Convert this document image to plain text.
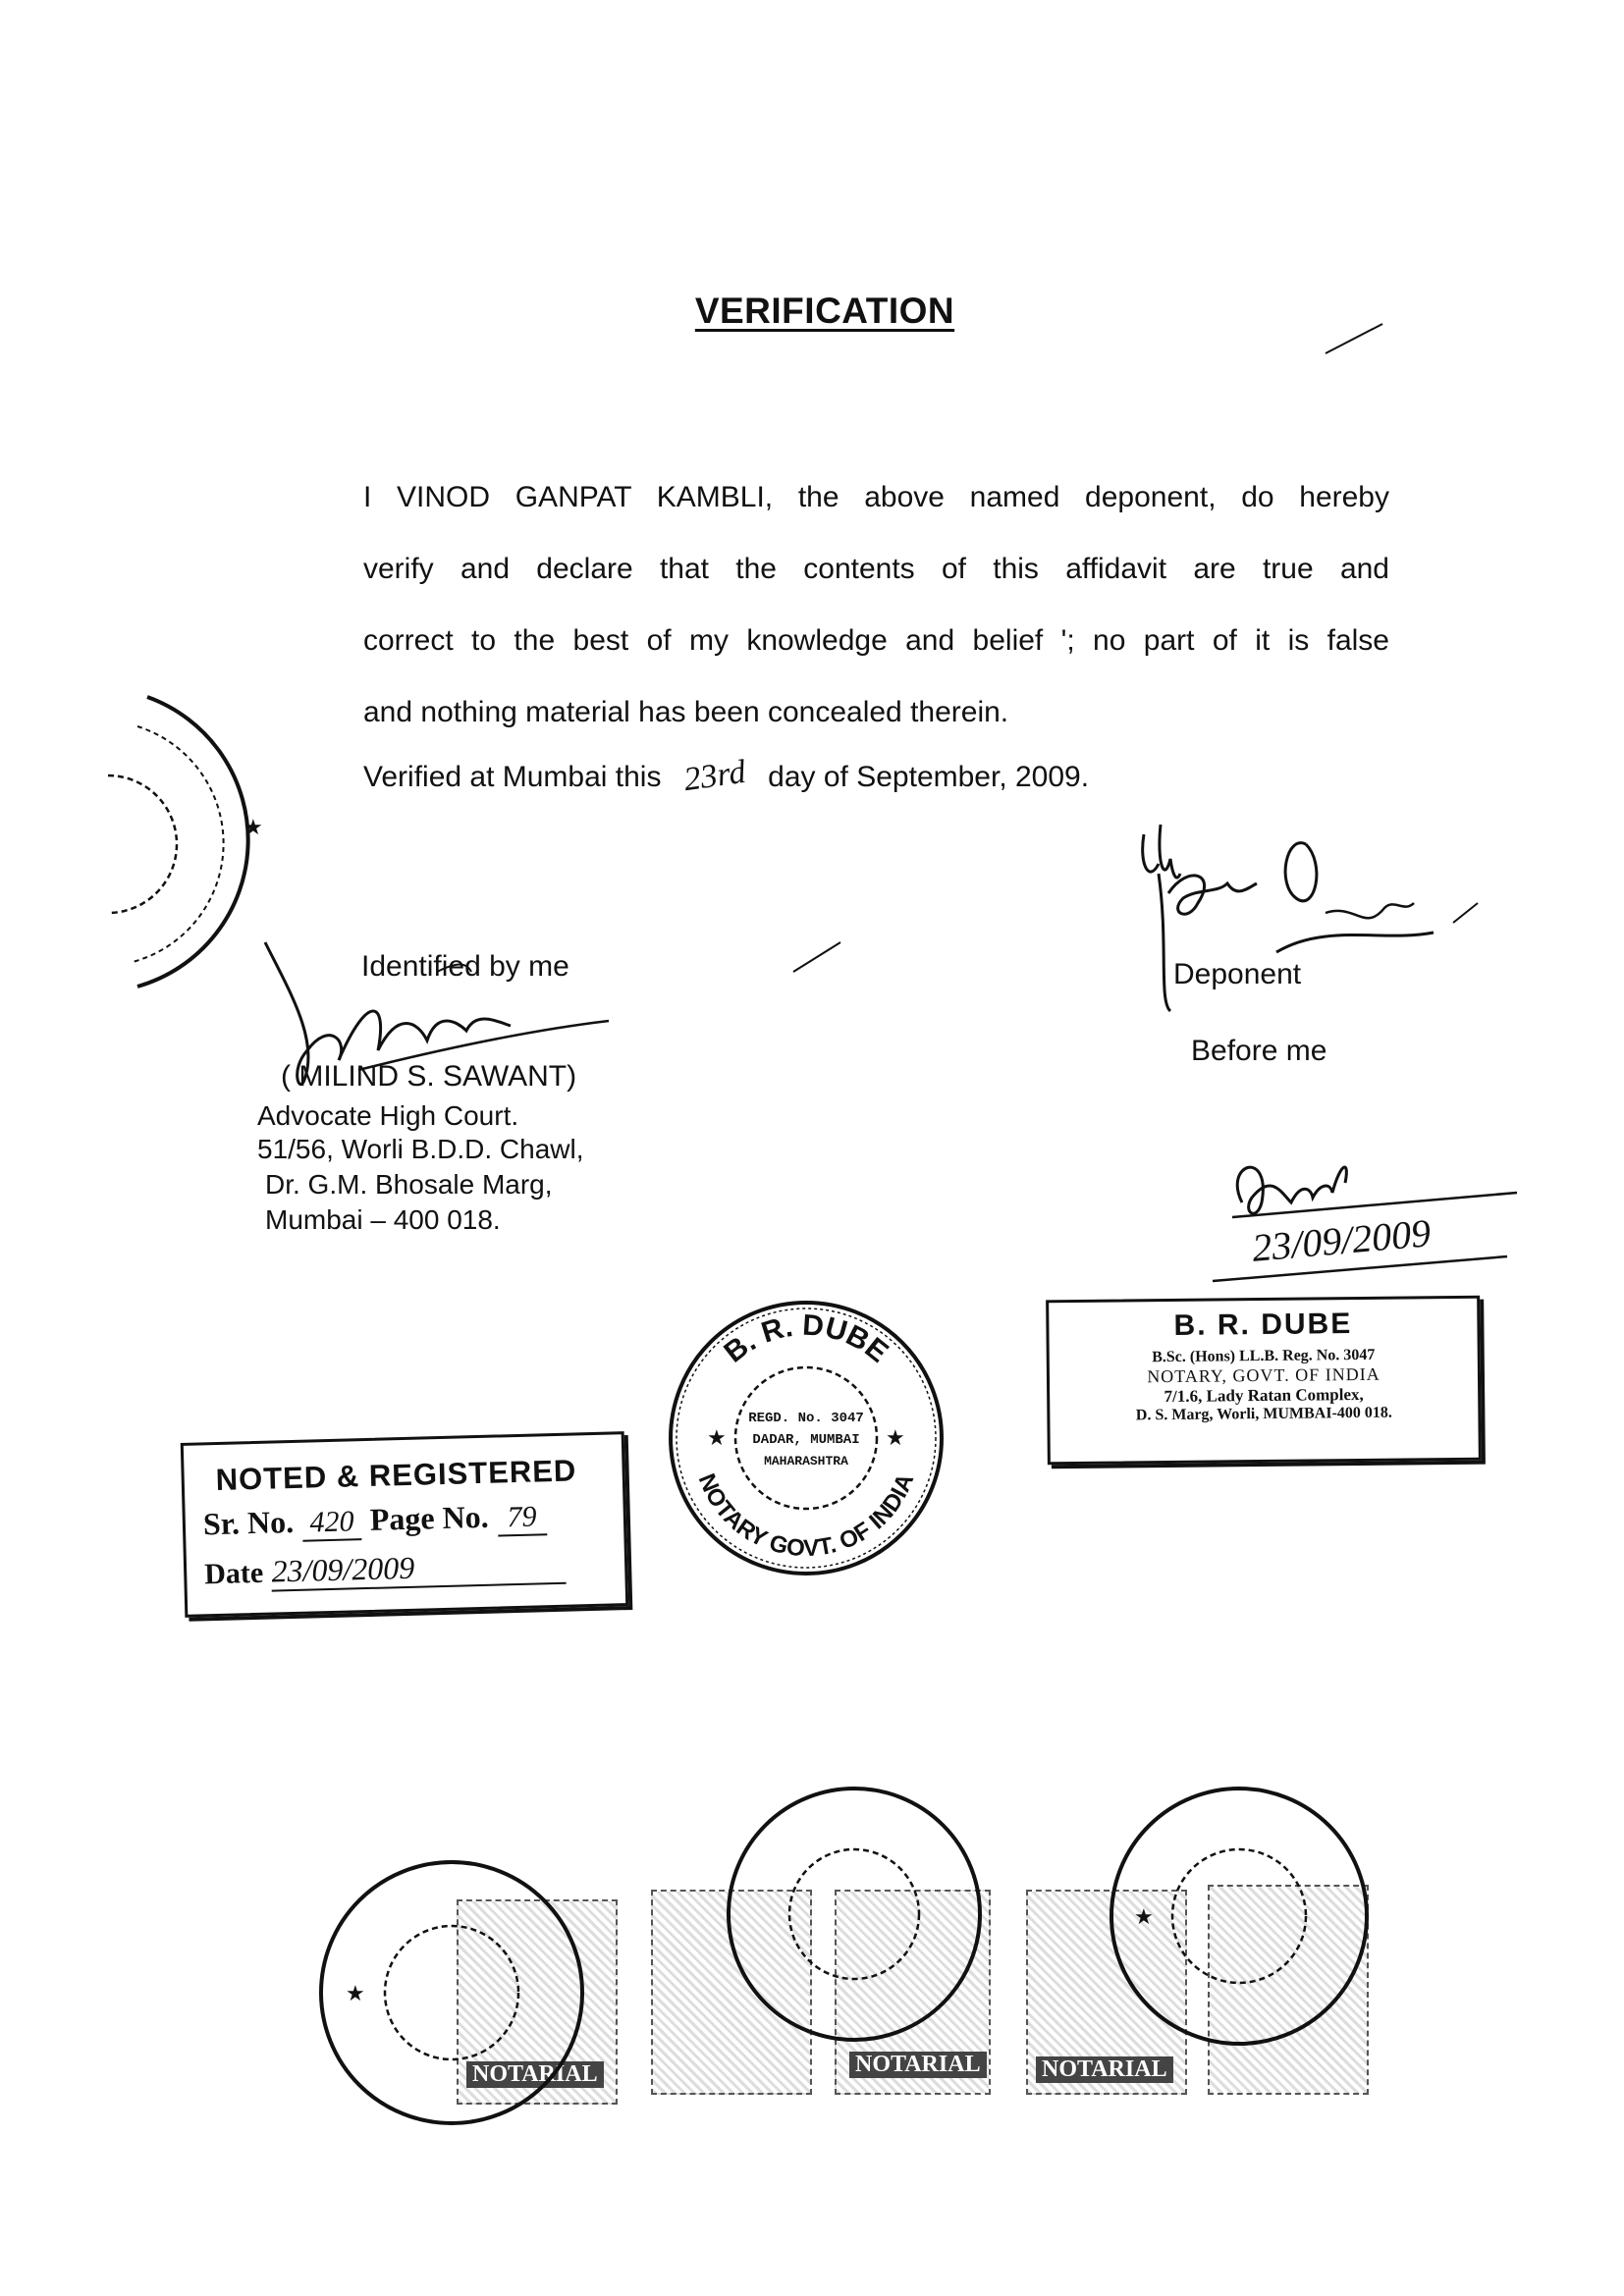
VERIFICATION
I VINOD GANPAT KAMBLI, the above named deponent, do hereby
verify and declare that the contents of this affidavit are true and
correct to the best of my knowledge and belief '; no part of it is false
and nothing material has been concealed therein.
Verified at Mumbai this 23rd day of September, 2009.
Identified by me
( MILIND S. SAWANT)
Advocate High Court.
51/56, Worli B.D.D. Chawl,
Dr. G.M. Bhosale Marg,
Mumbai – 400 018.
Deponent
Before me
23/09/2009
B. R. DUBE
B.Sc. (Hons) LL.B. Reg. No. 3047
NOTARY, GOVT. OF INDIA
7/1.6, Lady Ratan Complex,
D. S. Marg, Worli, MUMBAI-400 018.
NOTED & REGISTERED
Sr. No. 420 Page No. 79
Date 23/09/2009
B. R. DUBE
NOTARY GOVT. OF INDIA
REGD. No. 3047
DADAR, MUMBAI
MAHARASHTRA
★	★
★
NOTARIAL	NOTARIAL	NOTARIAL
★
★
